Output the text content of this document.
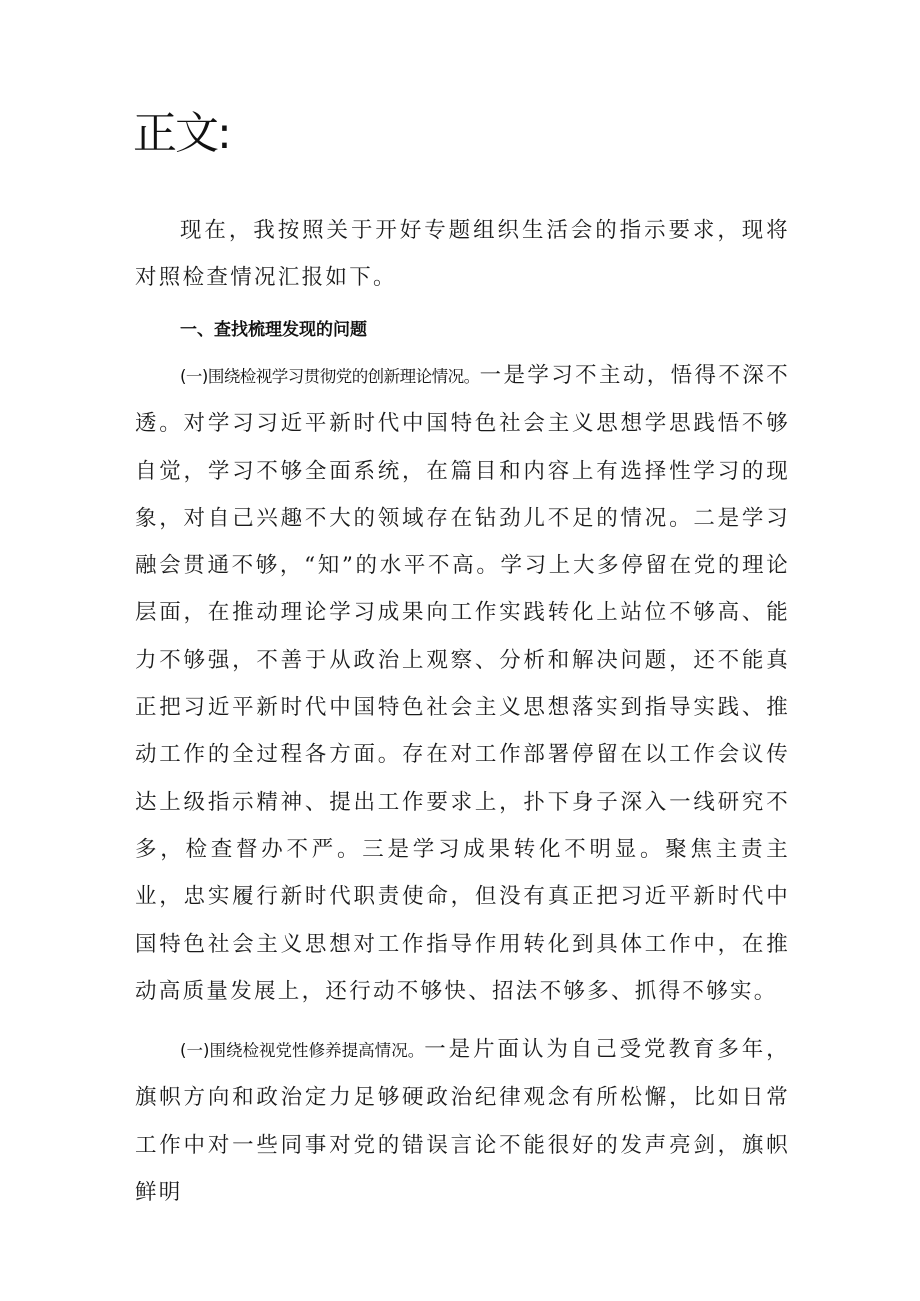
正文:

现在，我按照关于开好专题组织生活会的指示要求，现将对照检查情况汇报如下。

一、查找梳理发现的问题

(一)围绕检视学习贯彻党的创新理论情况。一是学习不主动，悟得不深不透。对学习习近平新时代中国特色社会主义思想学思践悟不够自觉，学习不够全面系统，在篇目和内容上有选择性学习的现象，对自己兴趣不大的领域存在钻劲儿不足的情况。二是学习融会贯通不够，“知”的水平不高。学习上大多停留在党的理论层面，在推动理论学习成果向工作实践转化上站位不够高、能力不够强，不善于从政治上观察、分析和解决问题，还不能真正把习近平新时代中国特色社会主义思想落实到指导实践、推动工作的全过程各方面。存在对工作部署停留在以工作会议传达上级指示精神、提出工作要求上，扑下身子深入一线研究不多，检查督办不严。三是学习成果转化不明显。聚焦主责主业，忠实履行新时代职责使命，但没有真正把习近平新时代中国特色社会主义思想对工作指导作用转化到具体工作中，在推动高质量发展上，还行动不够快、招法不够多、抓得不够实。

(一)围绕检视党性修养提高情况。一是片面认为自己受党教育多年，旗帜方向和政治定力足够硬政治纪律观念有所松懈，比如日常工作中对一些同事对党的错误言论不能很好的发声亮剑，旗帜鲜明
